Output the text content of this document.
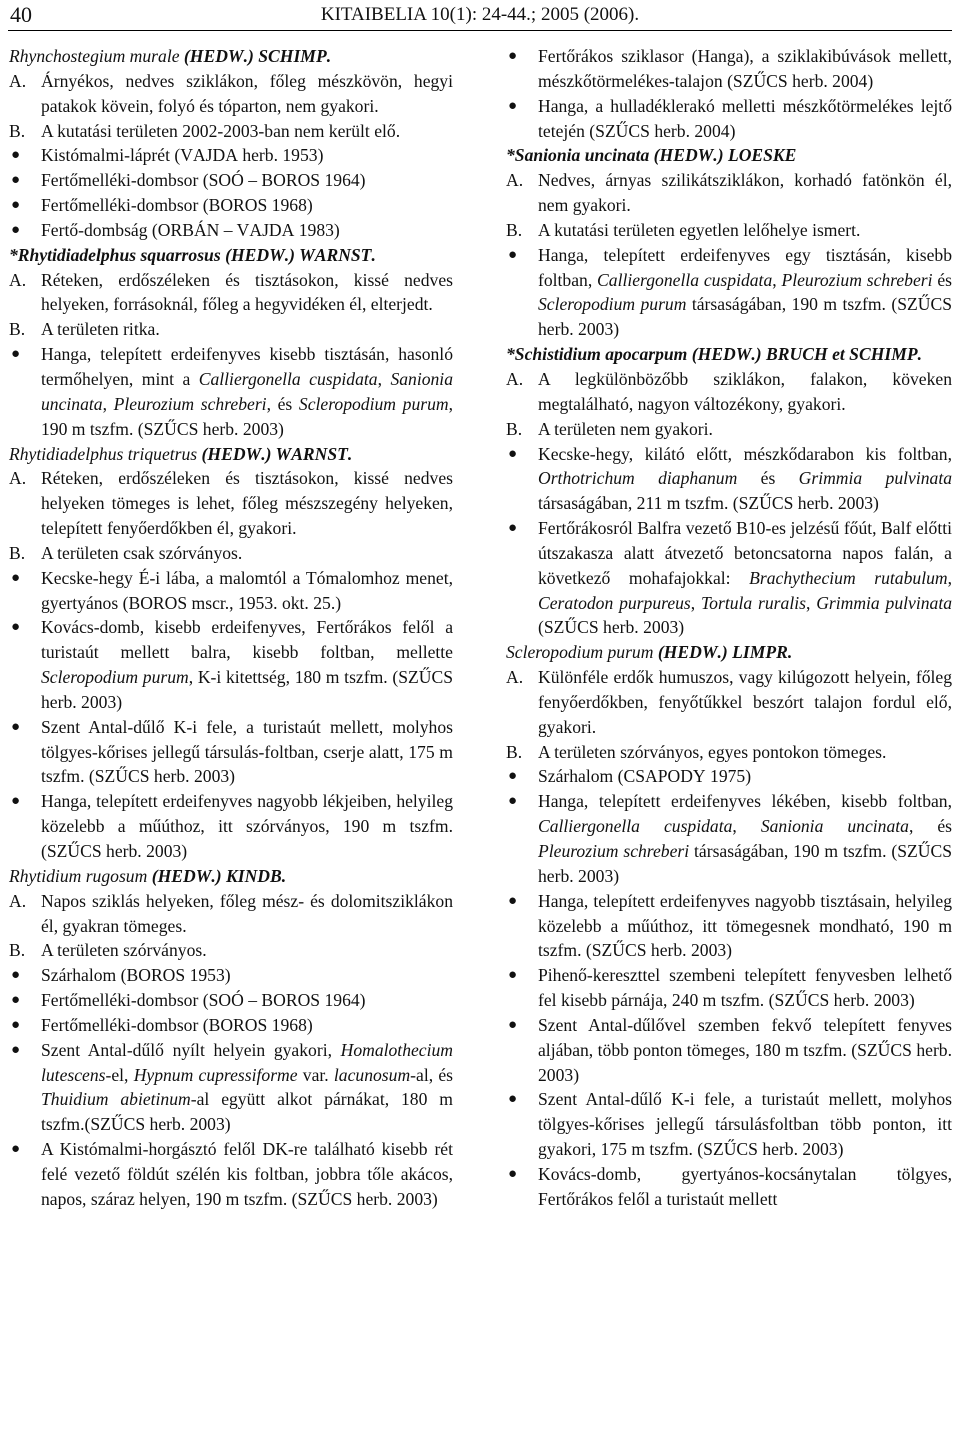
40	KITAIBELIA 10(1): 24-44.; 2005 (2006).
Rhynchostegium murale (HEDW.) SCHIMP.
A. Árnyékos, nedves sziklákon, főleg mészkövön, hegyi patakok kövein, folyó és tóparton, nem gyakori.
B. A kutatási területen 2002-2003-ban nem került elő.
● Kistómalmi-láprét (VAJDA herb. 1953)
● Fertőmelléki-dombsor (SOÓ – BOROS 1964)
● Fertőmelléki-dombsor (BOROS 1968)
● Fertő-dombság (ORBÁN – VAJDA 1983)
*Rhytidiadelphus squarrosus (HEDW.) WARNST.
A. Réteken, erdőszéleken és tisztásokon, kissé nedves helyeken, forrásoknál, főleg a hegyvidéken él, elterjedt.
B. A területen ritka.
● Hanga, telepített erdeifenyves kisebb tisztásán, hasonló termőhelyen, mint a Calliergonella cuspidata, Sanionia uncinata, Pleurozium schreberi, és Scleropodium purum, 190 m tszfm. (SZŰCS herb. 2003)
Rhytidiadelphus triquetrus (HEDW.) WARNST.
A. Réteken, erdőszéleken és tisztásokon, kissé nedves helyeken tömeges is lehet, főleg mészszegény helyeken, telepített fenyőerdőkben él, gyakori.
B. A területen csak szórványos.
● Kecske-hegy É-i lába, a malomtól a Tómalomhoz menet, gyertyános (BOROS mscr., 1953. okt. 25.)
● Kovács-domb, kisebb erdeifenyves, Fertőrákos felől a turistaút mellett balra, kisebb foltban, mellette Scleropodium purum, K-i kitettség, 180 m tszfm. (SZŰCS herb. 2003)
● Szent Antal-dűlő K-i fele, a turistaút mellett, molyhos tölgyes-kőrises jellegű társulás-foltban, cserje alatt, 175 m tszfm. (SZŰCS herb. 2003)
● Hanga, telepített erdeifenyves nagyobb lékjeiben, helyileg közelebb a műúthoz, itt szórványos, 190 m tszfm. (SZŰCS herb. 2003)
Rhytidium rugosum (HEDW.) KINDB.
A. Napos sziklás helyeken, főleg mész- és dolomitsziklákon él, gyakran tömeges.
B. A területen szórványos.
● Szárhalom (BOROS 1953)
● Fertőmelléki-dombsor (SOÓ – BOROS 1964)
● Fertőmelléki-dombsor (BOROS 1968)
● Szent Antal-dűlő nyílt helyein gyakori, Homalothecium lutescens-el, Hypnum cupressiforme var. lacunosum-al, és Thuidium abietinum-al együtt alkot párnákat, 180 m tszfm.(SZŰCS herb. 2003)
● A Kistómalmi-horgásztó felől DK-re található kisebb rét felé vezető földút szélén kis foltban, jobbra tőle akácos, napos, száraz helyen, 190 m tszfm. (SZŰCS herb. 2003)
● Fertőrákos sziklasor (Hanga), a sziklakibúvások mellett, mészkőtörmelékes-talajon (SZŰCS herb. 2004)
● Hanga, a hulladéklerakó melletti mészkőtörmelékes lejtő tetején (SZŰCS herb. 2004)
*Sanionia uncinata (HEDW.) LOESKE
A. Nedves, árnyas szilikátsziklákon, korhadó fatönkön él, nem gyakori.
B. A kutatási területen egyetlen lelőhelye ismert.
● Hanga, telepített erdeifenyves egy tisztásán, kisebb foltban, Calliergonella cuspidata, Pleurozium schreberi és Scleropodium purum társaságában, 190 m tszfm. (SZŰCS herb. 2003)
*Schistidium apocarpum (HEDW.) BRUCH et SCHIMP.
A. A legkülönbözőbb sziklákon, falakon, köveken megtalálható, nagyon változékony, gyakori.
B. A területen nem gyakori.
● Kecske-hegy, kilátó előtt, mészkődarabon kis foltban, Orthotrichum diaphanum és Grimmia pulvinata társaságában, 211 m tszfm. (SZŰCS herb. 2003)
● Fertőrákosról Balfra vezető B10-es jelzésű főút, Balf előtti útszakasza alatt átvezető betoncsatorna napos falán, a következő mohafajokkal: Brachythecium rutabulum, Ceratodon purpureus, Tortula ruralis, Grimmia pulvinata (SZŰCS herb. 2003)
Scleropodium purum (HEDW.) LIMPR.
A. Különféle erdők humuszos, vagy kilúgozott helyein, főleg fenyőerdőkben, fenyőtűkkel beszórt talajon fordul elő, gyakori.
B. A területen szórványos, egyes pontokon tömeges.
● Szárhalom (CSAPODY 1975)
● Hanga, telepített erdeifenyves lékében, kisebb foltban, Calliergonella cuspidata, Sanionia uncinata, és Pleurozium schreberi társaságában, 190 m tszfm. (SZŰCS herb. 2003)
● Hanga, telepített erdeifenyves nagyobb tisztásain, helyileg közelebb a műúthoz, itt tömegesnek mondható, 190 m tszfm. (SZŰCS herb. 2003)
● Pihenő-kereszttel szembeni telepített fenyvesben lelhető fel kisebb párnája, 240 m tszfm. (SZŰCS herb. 2003)
● Szent Antal-dűlővel szemben fekvő telepített fenyves aljában, több ponton tömeges, 180 m tszfm. (SZŰCS herb. 2003)
● Szent Antal-dűlő K-i fele, a turistaút mellett, molyhos tölgyes-kőrises jellegű társulásfoltban több ponton, itt gyakori, 175 m tszfm. (SZŰCS herb. 2003)
● Kovács-domb, gyertyános-kocsánytalan tölgyes, Fertőrákos felől a turistaút mellett
